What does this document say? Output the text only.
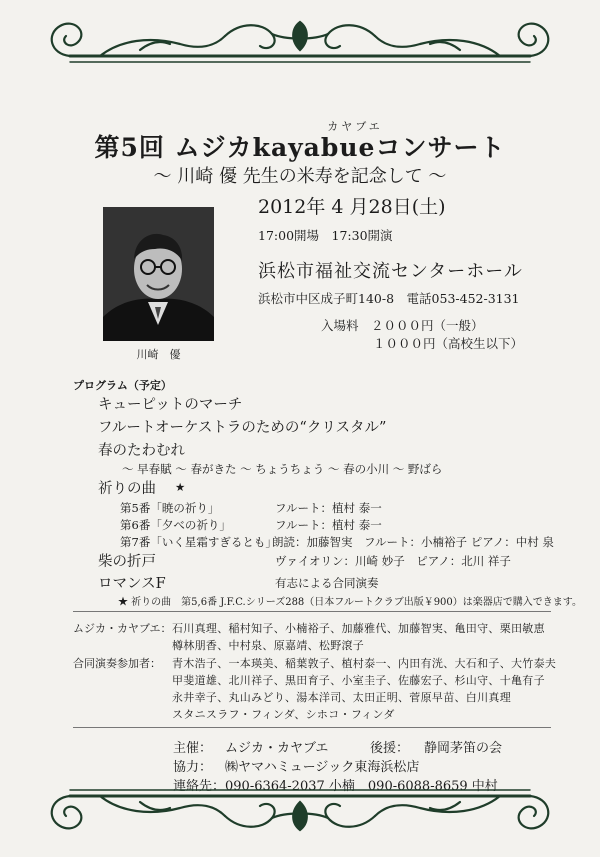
カヤブエ
第5回 ムジカkayabueコンサート
～ 川崎 優 先生の米寿を記念して ～
川崎　優
2012年 4 月28日(土)
17:00開場　17:30開演
浜松市福祉交流センターホール
浜松市中区成子町140-8　電話053-452-3131
入場料　２０００円（一般）
１０００円（高校生以下）
プログラム（予定）
キューピットのマーチ
フルートオーケストラのための“クリスタル”
春のたわむれ
～ 早春賦 ～ 春がきた ～ ちょうちょう ～ 春の小川 ～ 野ばら
祈りの曲 ★
第5番「暁の祈り」	フルート：植村 泰一
第6番「夕べの祈り」	フルート：植村 泰一
第7番「いく星霜すぎるとも」
朗読：加藤智実　フルート：小楠裕子 ピアノ：中村 泉
柴の折戸	ヴァイオリン：川崎 妙子　ピアノ：北川 祥子
ロマンスF	有志による合同演奏
★ 祈りの曲　第5,6番 J.F.C.シリーズ288（日本フルートクラブ出版￥900）は楽器店で購入できます。
ムジカ・カヤブエ： 石川真理、稲村知子、小楠裕子、加藤雅代、加藤智実、亀田守、栗田敏恵
樽林朋香、中村泉、原嘉靖、松野滾子
合同演奏参加者： 青木浩子、一本瑛美、稲葉敦子、植村泰一、内田有洸、大石和子、大竹泰夫
甲斐道雄、北川祥子、黒田育子、小室圭子、佐藤宏子、杉山守、十亀有子
永井幸子、丸山みどり、湯本洋司、太田正明、菅原早苗、白川真理
スタニスラフ・フィンダ、シホコ・フィンダ
主催： ムジカ・カヤブエ	後援： 静岡茅笛の会
協力： ㈱ヤマハミュージック東海浜松店
連絡先： 090-6364-2037 小楠　090-6088-8659 中村
